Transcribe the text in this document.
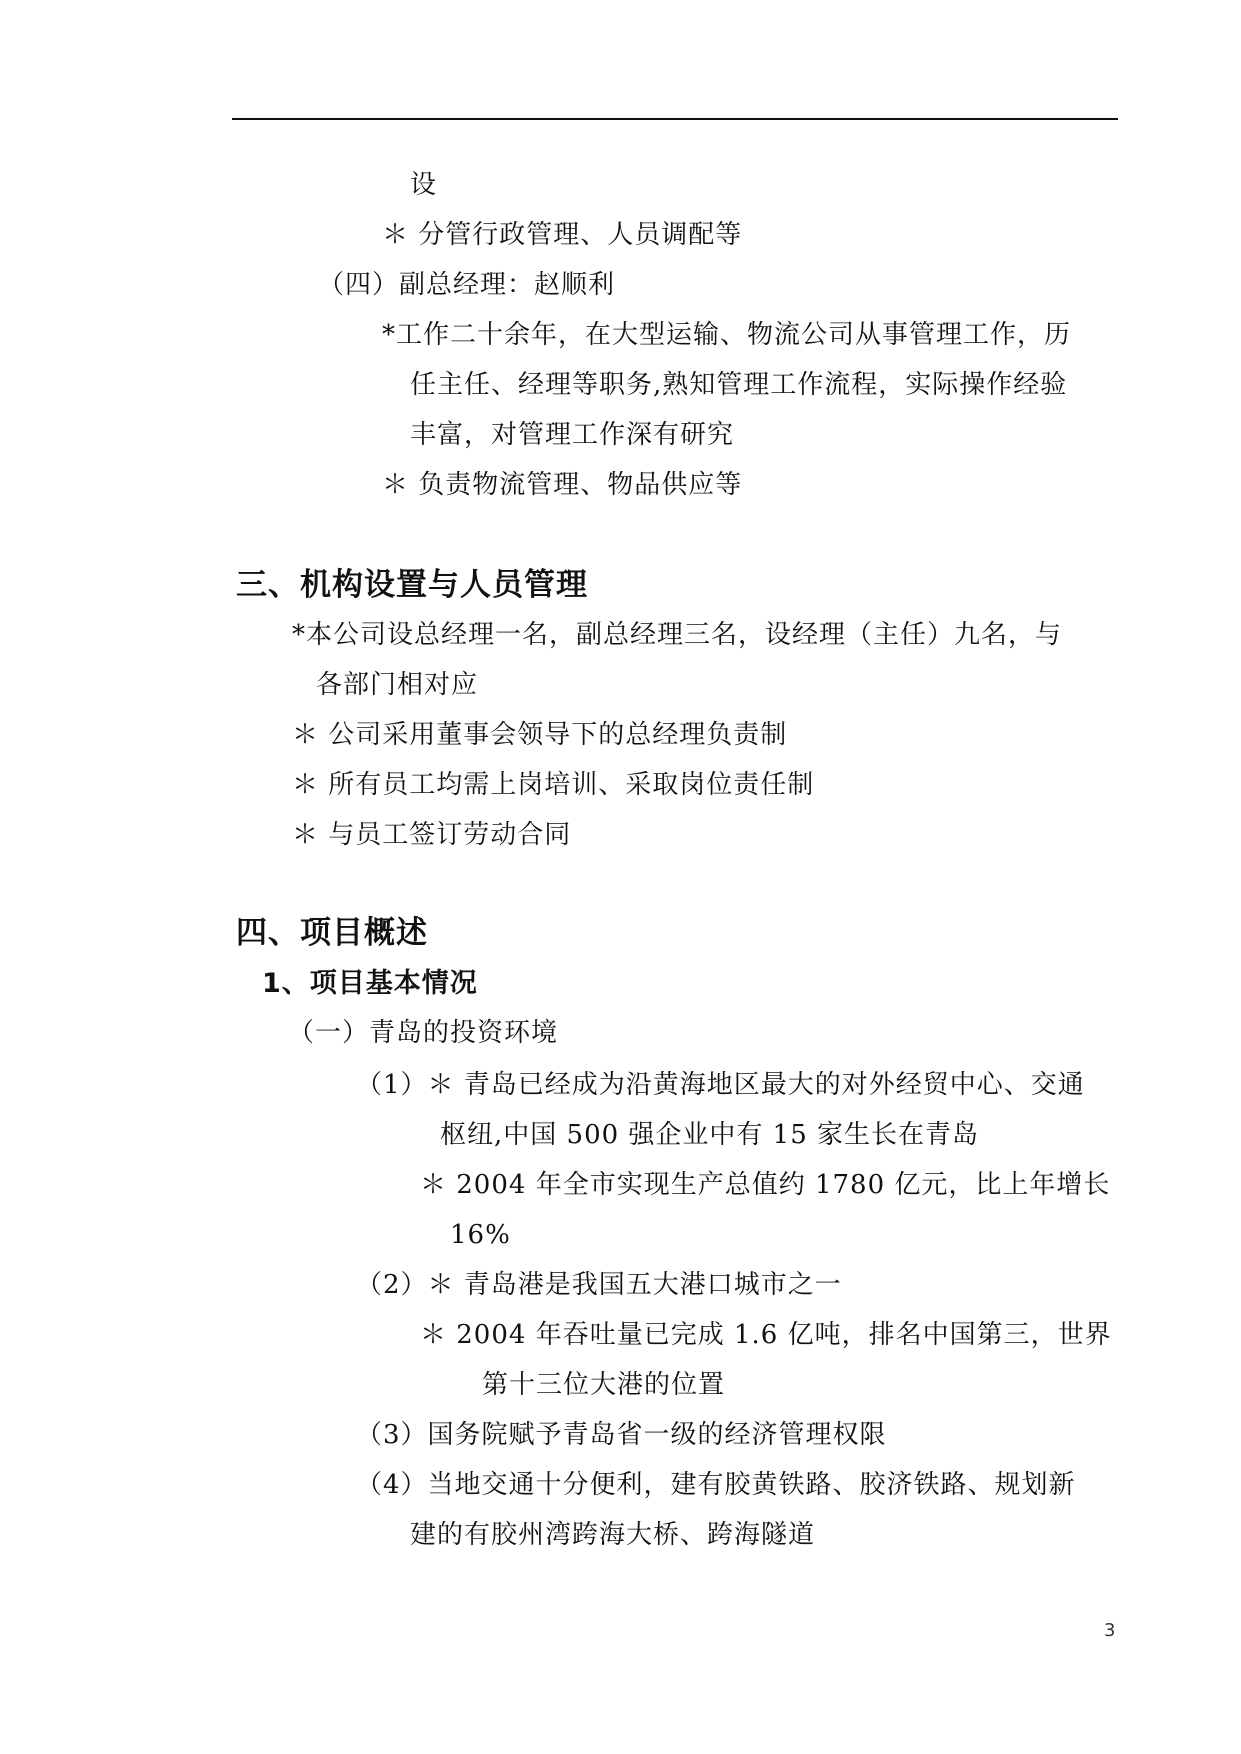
设
＊ 分管行政管理、人员调配等
（四）副总经理：赵顺利
*工作二十余年，在大型运输、物流公司从事管理工作，历
任主任、经理等职务,熟知管理工作流程，实际操作经验
丰富，对管理工作深有研究
＊ 负责物流管理、物品供应等
三、机构设置与人员管理
*本公司设总经理一名，副总经理三名，设经理（主任）九名，与
各部门相对应
＊ 公司采用董事会领导下的总经理负责制
＊ 所有员工均需上岗培训、采取岗位责任制
＊ 与员工签订劳动合同
四、项目概述
1、项目基本情况
（一）青岛的投资环境
（1）＊ 青岛已经成为沿黄海地区最大的对外经贸中心、交通
枢纽,中国 500 强企业中有 15 家生长在青岛
＊ 2004 年全市实现生产总值约 1780 亿元，比上年增长
16%
（2）＊ 青岛港是我国五大港口城市之一
＊ 2004 年吞吐量已完成 1.6 亿吨，排名中国第三，世界
第十三位大港的位置
（3）国务院赋予青岛省一级的经济管理权限
（4）当地交通十分便利，建有胶黄铁路、胶济铁路、规划新
建的有胶州湾跨海大桥、跨海隧道
3
